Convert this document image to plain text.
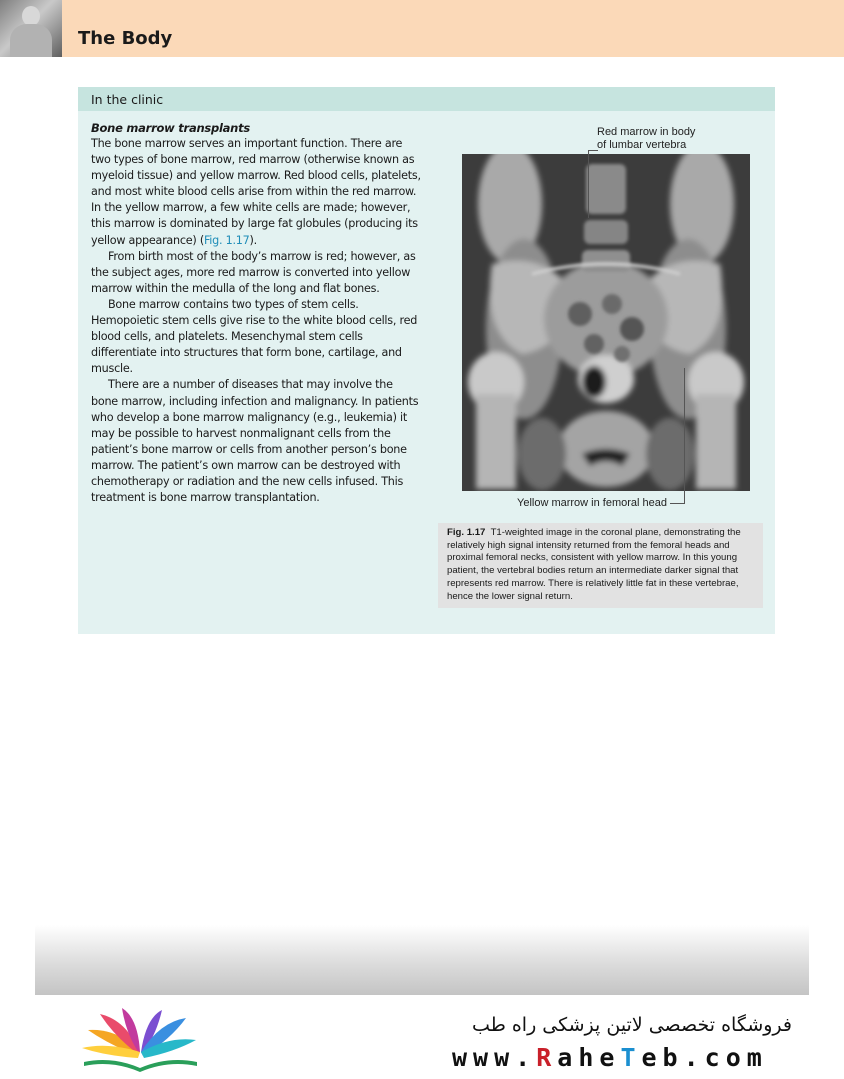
The Body
In the clinic
Bone marrow transplants

The bone marrow serves an important function. There are two types of bone marrow, red marrow (otherwise known as myeloid tissue) and yellow marrow. Red blood cells, platelets, and most white blood cells arise from within the red marrow. In the yellow marrow, a few white cells are made; however, this marrow is dominated by large fat globules (producing its yellow appearance) (Fig. 1.17).

From birth most of the body’s marrow is red; however, as the subject ages, more red marrow is converted into yellow marrow within the medulla of the long and flat bones.

Bone marrow contains two types of stem cells. Hemopoietic stem cells give rise to the white blood cells, red blood cells, and platelets. Mesenchymal stem cells differentiate into structures that form bone, cartilage, and muscle.

There are a number of diseases that may involve the bone marrow, including infection and malignancy. In patients who develop a bone marrow malignancy (e.g., leukemia) it may be possible to harvest nonmalignant cells from the patient’s bone marrow or cells from another person’s bone marrow. The patient’s own marrow can be destroyed with chemotherapy or radiation and the new cells infused. This treatment is bone marrow transplantation.

Red marrow in body
of lumbar vertebra
Yellow marrow in femoral head
Fig. 1.17 T1-weighted image in the coronal plane, demonstrating the relatively high signal intensity returned from the femoral heads and proximal femoral necks, consistent with yellow marrow. In this young patient, the vertebral bodies return an intermediate darker signal that represents red marrow. There is relatively little fat in these vertebrae, hence the lower signal return.
فروشگاه تخصصی لاتین پزشکی راه طب
www.RaheTeb.com
